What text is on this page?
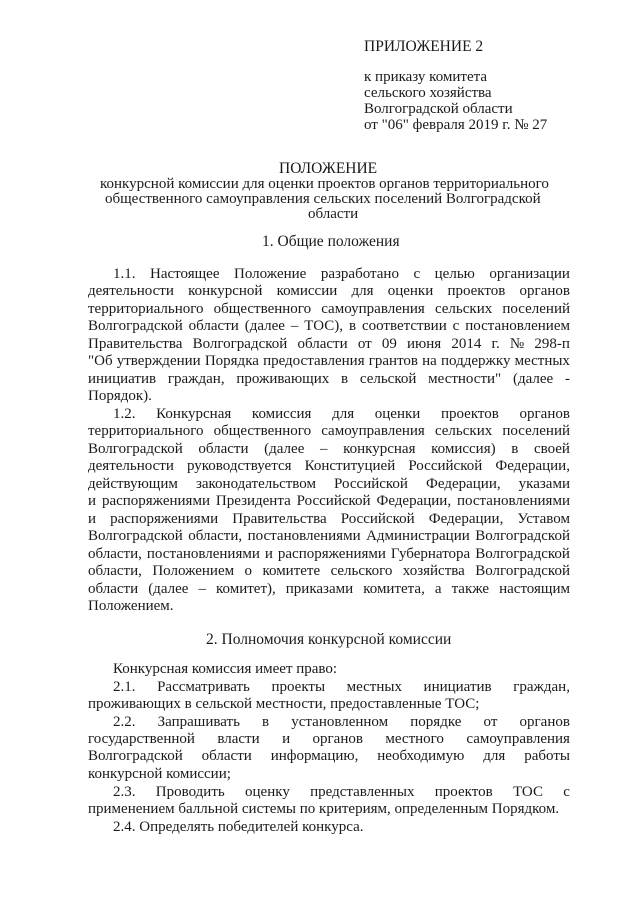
ПРИЛОЖЕНИЕ 2
к приказу комитета
сельского хозяйства
Волгоградской области
от "06" февраля 2019 г. № 27
ПОЛОЖЕНИЕ
конкурсной комиссии для оценки проектов органов территориального
общественного самоуправления сельских поселений Волгоградской
области
1. Общие положения
1.1. Настоящее Положение разработано с целью организации
деятельности конкурсной комиссии для оценки проектов органов
территориального общественного самоуправления сельских поселений
Волгоградской области (далее – ТОС), в соответствии с постановлением
Правительства Волгоградской области от 09 июня 2014 г. № 298-п
"Об утверждении Порядка предоставления грантов на поддержку местных
инициатив граждан, проживающих в сельской местности" (далее -
Порядок).
1.2. Конкурсная комиссия для оценки проектов органов
территориального общественного самоуправления сельских поселений
Волгоградской области (далее – конкурсная комиссия) в своей
деятельности руководствуется Конституцией Российской Федерации,
действующим законодательством Российской Федерации, указами
и распоряжениями Президента Российской Федерации, постановлениями
и распоряжениями Правительства Российской Федерации, Уставом
Волгоградской области, постановлениями Администрации Волгоградской
области, постановлениями и распоряжениями Губернатора Волгоградской
области, Положением о комитете сельского хозяйства Волгоградской
области (далее – комитет), приказами комитета, а также настоящим
Положением.
2. Полномочия конкурсной комиссии
Конкурсная комиссия имеет право:
2.1. Рассматривать проекты местных инициатив граждан,
проживающих в сельской местности, предоставленные ТОС;
2.2. Запрашивать в установленном порядке от органов
государственной власти и органов местного самоуправления
Волгоградской области информацию, необходимую для работы
конкурсной комиссии;
2.3. Проводить оценку представленных проектов ТОС с
применением балльной системы по критериям, определенным Порядком.
2.4. Определять победителей конкурса.
